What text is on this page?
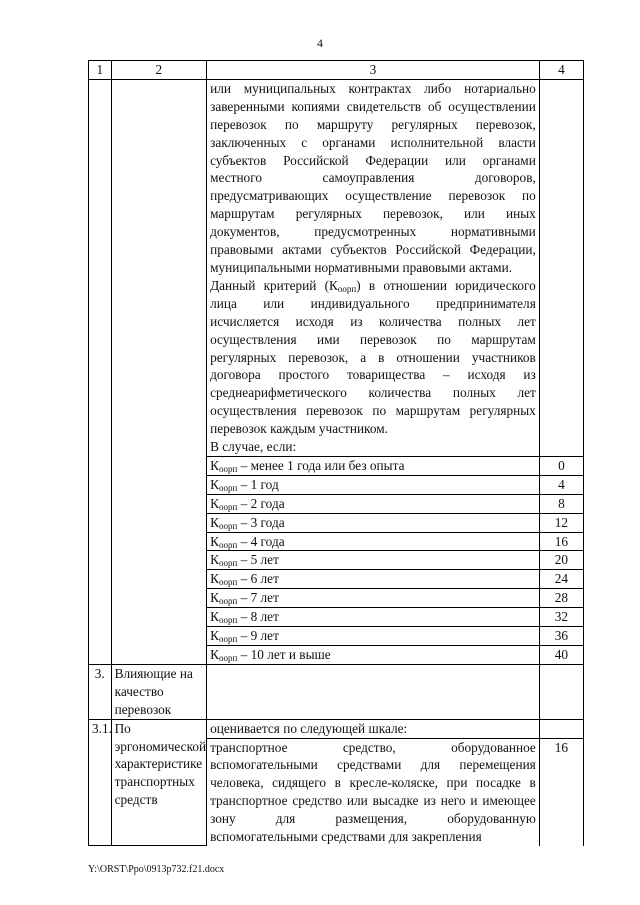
4
1	2	3	4

		или муниципальных контрактах либо нотариально заверенными копиями свидетельств об осуществлении перевозок по маршруту регулярных перевозок, заключенных с органами исполнительной власти субъектов Российской Федерации или органами местного самоуправления договоров, предусматривающих осуществление перевозок по маршрутам регулярных перевозок, или иных документов, предусмотренных нормативными правовыми актами субъектов Российской Федерации, муниципальными нормативными правовыми актами.
Данный критерий $(К_{oорп})$ в отношении юридического лица или индивидуального предпринимателя исчисляется исходя из количества полных лет осуществления ими перевозок по маршрутам регулярных перевозок, а в отношении участников договора простого товарищества – исходя из среднеарифметического количества полных лет осуществления перевозок по маршрутам регулярных перевозок каждым участником.
В случае, если:	

		$К_{оорп}$ – менее 1 года или без опыта	0
		$К_{оорп} - 1$ год	4
		$К_{оорп} - 2$ года	8
		$К_{оорп} - 3$ года	12
		$К_{оорп} - 4$ года	16
		$К_{оорп} - 5$ лет	20
		$К_{оорп} - 6$ лет	24
		$К_{оорп} - 7$ лет	28
		$К_{оорп} - 8$ лет	32
		$К_{оорп} - 9$ лет	36
		$К_{оорп} - 10$ лет и выше	40
3.	Влияющие на качество перевозок		
3.1.	По эргономической характеристике транспортных средств	оценивается по следующей шкале:	
		транспортное средство, оборудованное вспомогательными средствами для перемещения человека, сидящего в кресле-коляске, при посадке в транспортное средство или высадке из него и имеющее зону для размещения, оборудованную вспомогательными средствами для закрепления	16
Y:\ORST\Ppo\0913p732.f21.docx
